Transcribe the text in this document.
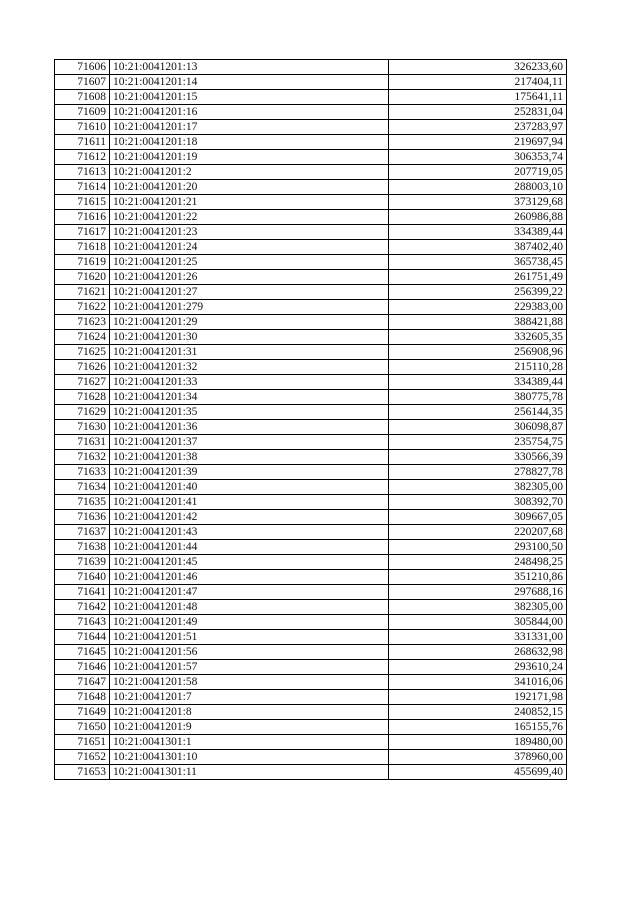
71606	10:21:0041201:13	326233,60
71607	10:21:0041201:14	217404,11
71608	10:21:0041201:15	175641,11
71609	10:21:0041201:16	252831,04
71610	10:21:0041201:17	237283,97
71611	10:21:0041201:18	219697,94
71612	10:21:0041201:19	306353,74
71613	10:21:0041201:2	207719,05
71614	10:21:0041201:20	288003,10
71615	10:21:0041201:21	373129,68
71616	10:21:0041201:22	260986,88
71617	10:21:0041201:23	334389,44
71618	10:21:0041201:24	387402,40
71619	10:21:0041201:25	365738,45
71620	10:21:0041201:26	261751,49
71621	10:21:0041201:27	256399,22
71622	10:21:0041201:279	229383,00
71623	10:21:0041201:29	388421,88
71624	10:21:0041201:30	332605,35
71625	10:21:0041201:31	256908,96
71626	10:21:0041201:32	215110,28
71627	10:21:0041201:33	334389,44
71628	10:21:0041201:34	380775,78
71629	10:21:0041201:35	256144,35
71630	10:21:0041201:36	306098,87
71631	10:21:0041201:37	235754,75
71632	10:21:0041201:38	330566,39
71633	10:21:0041201:39	278827,78
71634	10:21:0041201:40	382305,00
71635	10:21:0041201:41	308392,70
71636	10:21:0041201:42	309667,05
71637	10:21:0041201:43	220207,68
71638	10:21:0041201:44	293100,50
71639	10:21:0041201:45	248498,25
71640	10:21:0041201:46	351210,86
71641	10:21:0041201:47	297688,16
71642	10:21:0041201:48	382305,00
71643	10:21:0041201:49	305844,00
71644	10:21:0041201:51	331331,00
71645	10:21:0041201:56	268632,98
71646	10:21:0041201:57	293610,24
71647	10:21:0041201:58	341016,06
71648	10:21:0041201:7	192171,98
71649	10:21:0041201:8	240852,15
71650	10:21:0041201:9	165155,76
71651	10:21:0041301:1	189480,00
71652	10:21:0041301:10	378960,00
71653	10:21:0041301:11	455699,40
